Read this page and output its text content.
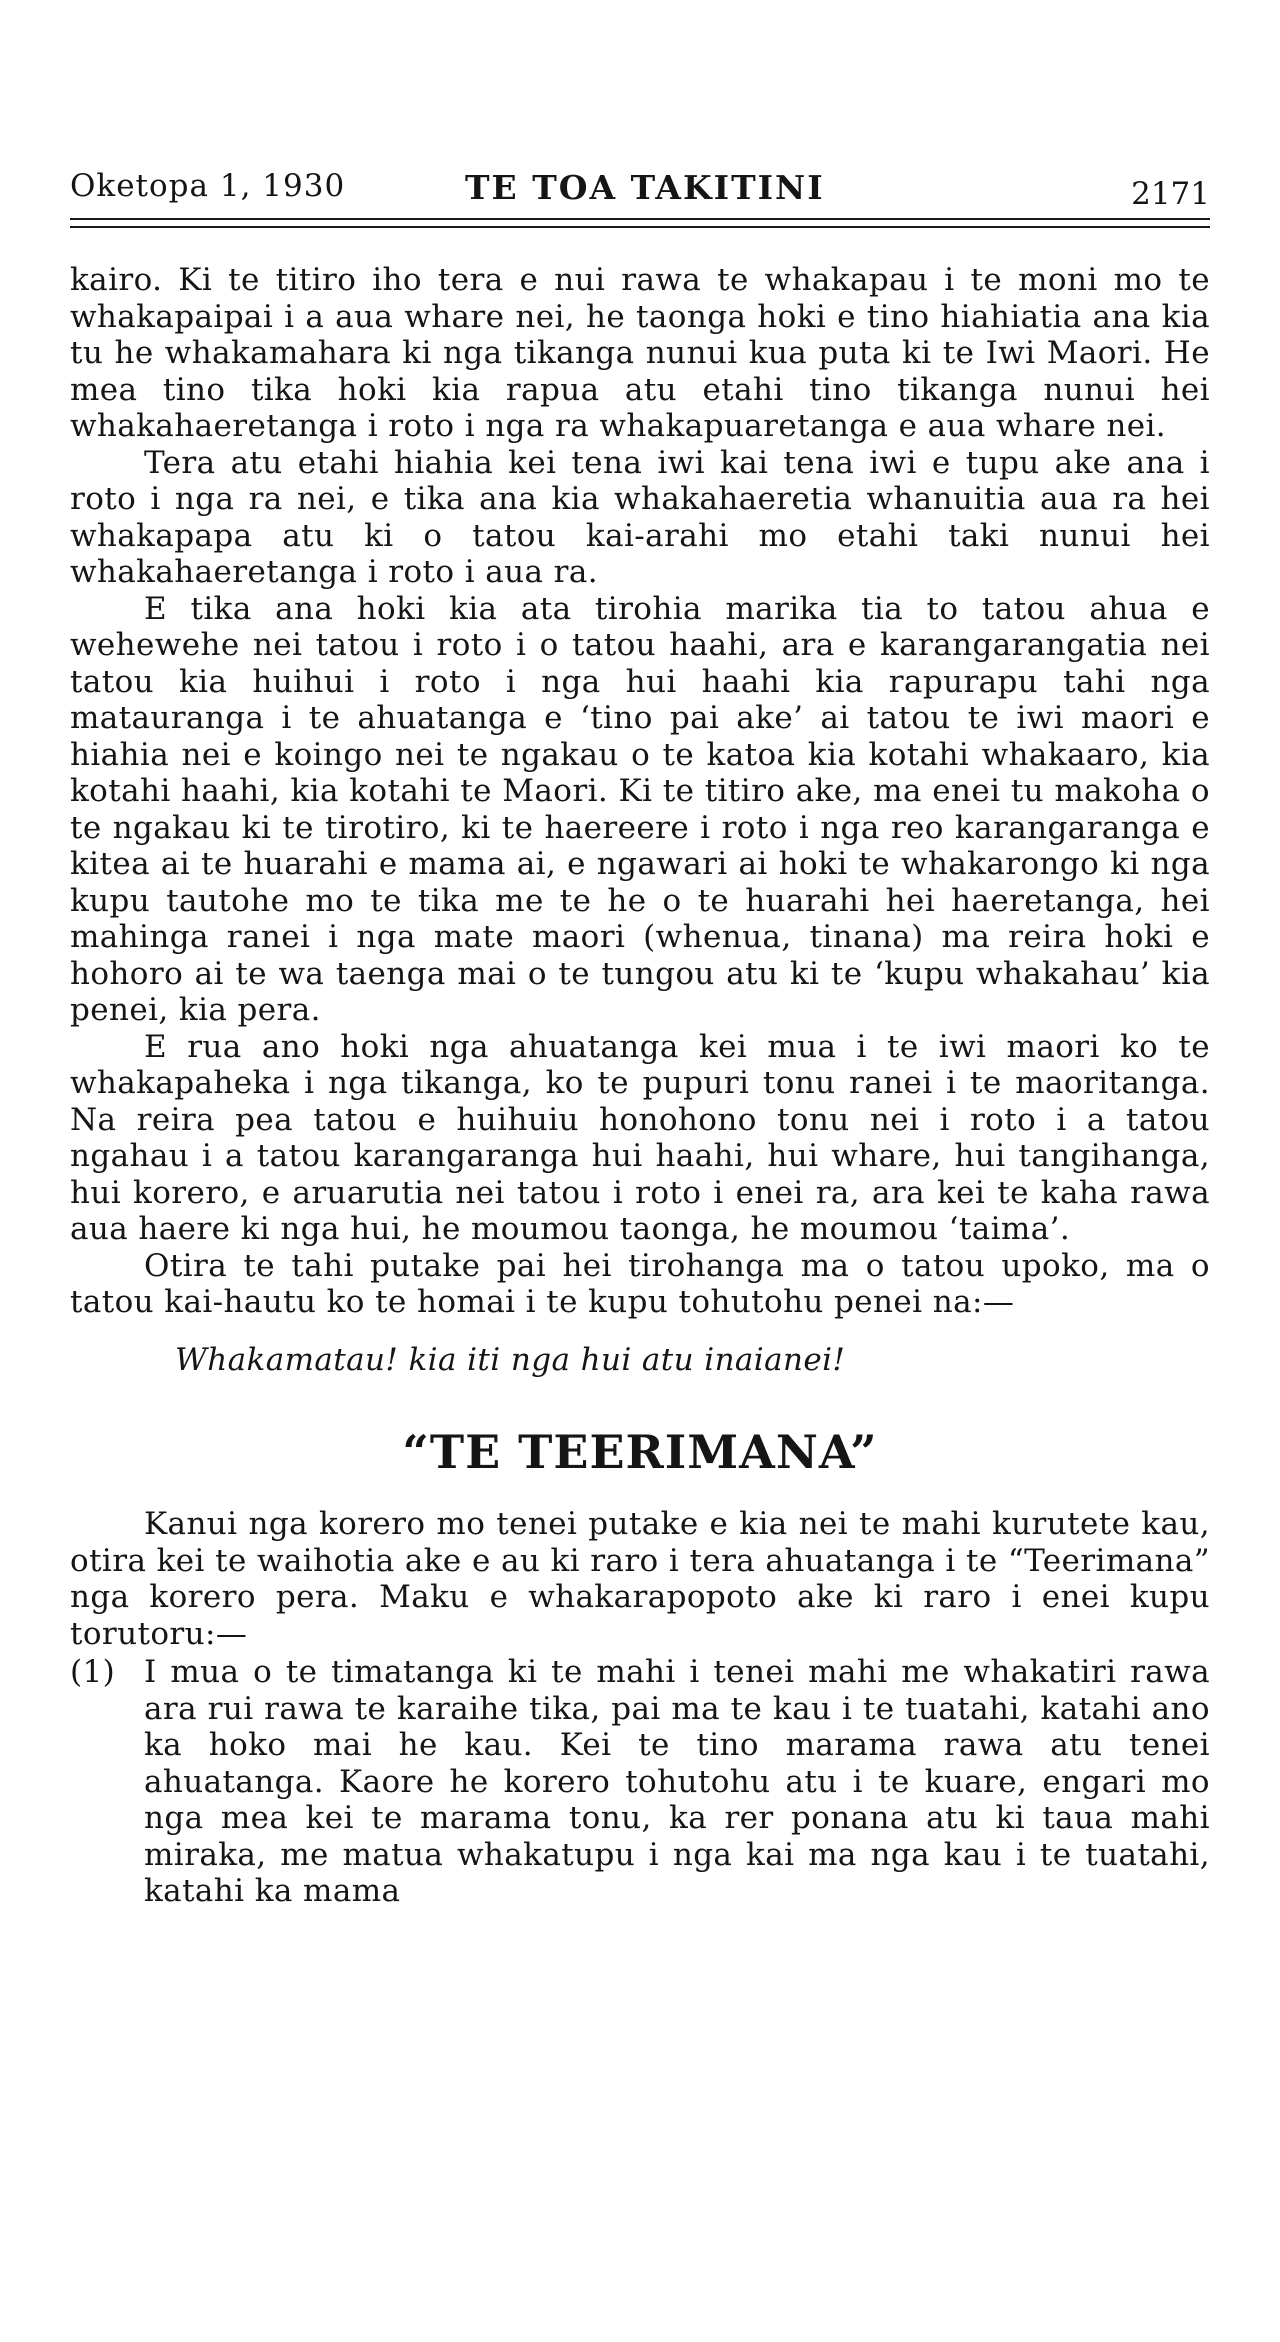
Oketopa 1, 1930	TE TOA TAKITINI	2171

kairo. Ki te titiro iho tera e nui rawa te whakapau i te moni mo te whakapaipai i a aua whare nei, he taonga hoki e tino hiahiatia ana kia tu he whakamahara ki nga tikanga nunui kua puta ki te Iwi Maori. He mea tino tika hoki kia rapua atu etahi tino tikanga nunui hei whakahaeretanga i roto i nga ra whakapuaretanga e aua whare nei.

Tera atu etahi hiahia kei tena iwi kai tena iwi e tupu ake ana i roto i nga ra nei, e tika ana kia whakahaeretia whanuitia aua ra hei whakapapa atu ki o tatou kai-arahi mo etahi taki nunui hei whakahaeretanga i roto i aua ra.

E tika ana hoki kia ata tirohia marika tia to tatou ahua e wehewehe nei tatou i roto i o tatou haahi, ara e karangarangatia nei tatou kia huihui i roto i nga hui haahi kia rapurapu tahi nga matauranga i te ahuatanga e ‘tino pai ake’ ai tatou te iwi maori e hiahia nei e koingo nei te ngakau o te katoa kia kotahi whakaaro, kia kotahi haahi, kia kotahi te Maori. Ki te titiro ake, ma enei tu makoha o te ngakau ki te tirotiro, ki te haereere i roto i nga reo karangaranga e kitea ai te huarahi e mama ai, e ngawari ai hoki te whakarongo ki nga kupu tautohe mo te tika me te he o te huarahi hei haeretanga, hei mahinga ranei i nga mate maori (whenua, tinana) ma reira hoki e hohoro ai te wa taenga mai o te tungou atu ki te ‘kupu whakahau’ kia penei, kia pera.

E rua ano hoki nga ahuatanga kei mua i te iwi maori ko te whakapaheka i nga tikanga, ko te pupuri tonu ranei i te maoritanga. Na reira pea tatou e huihuiu honohono tonu nei i roto i a tatou ngahau i a tatou karangaranga hui haahi, hui whare, hui tangihanga, hui korero, e aruarutia nei tatou i roto i enei ra, ara kei te kaha rawa aua haere ki nga hui, he moumou taonga, he moumou ‘taima’.

Otira te tahi putake pai hei tirohanga ma o tatou upoko, ma o tatou kai-hautu ko te homai i te kupu tohutohu penei na:—

Whakamatau! kia iti nga hui atu inaianei!

“TE TEERIMANA”

Kanui nga korero mo tenei putake e kia nei te mahi kurutete kau, otira kei te waihotia ake e au ki raro i tera ahuatanga i te “Teerimana” nga korero pera. Maku e whakarapopoto ake ki raro i enei kupu torutoru:—

(1) I mua o te timatanga ki te mahi i tenei mahi me whakatiri rawa ara rui rawa te karaihe tika, pai ma te kau i te tuatahi, katahi ano ka hoko mai he kau. Kei te tino marama rawa atu tenei ahuatanga. Kaore he korero tohutohu atu i te kuare, engari mo nga mea kei te marama tonu, ka rer ponana atu ki taua mahi miraka, me matua whakatupu i nga kai ma nga kau i te tuatahi, katahi ka mama
